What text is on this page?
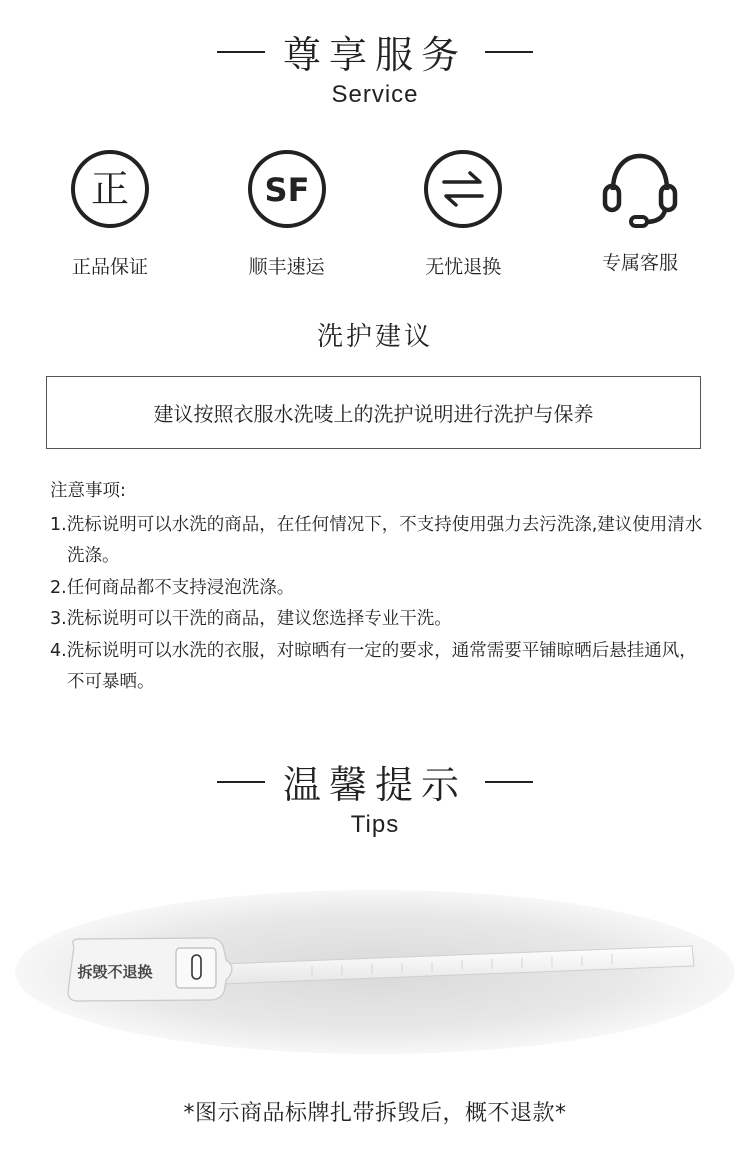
尊享服务
Service
正
正品保证
SF
顺丰速运	无忧退换	专属客服
洗护建议
建议按照衣服水洗唛上的洗护说明进行洗护与保养
注意事项:
1.洗标说明可以水洗的商品，在任何情况下，不支持使用强力去污洗涤,建议使用清水洗涤。
2.任何商品都不支持浸泡洗涤。
3.洗标说明可以干洗的商品，建议您选择专业干洗。
4.洗标说明可以水洗的衣服，对晾晒有一定的要求，通常需要平铺晾晒后悬挂通风，不可暴晒。
温馨提示
Tips
拆毁不退换
*图示商品标牌扎带拆毁后，概不退款*
